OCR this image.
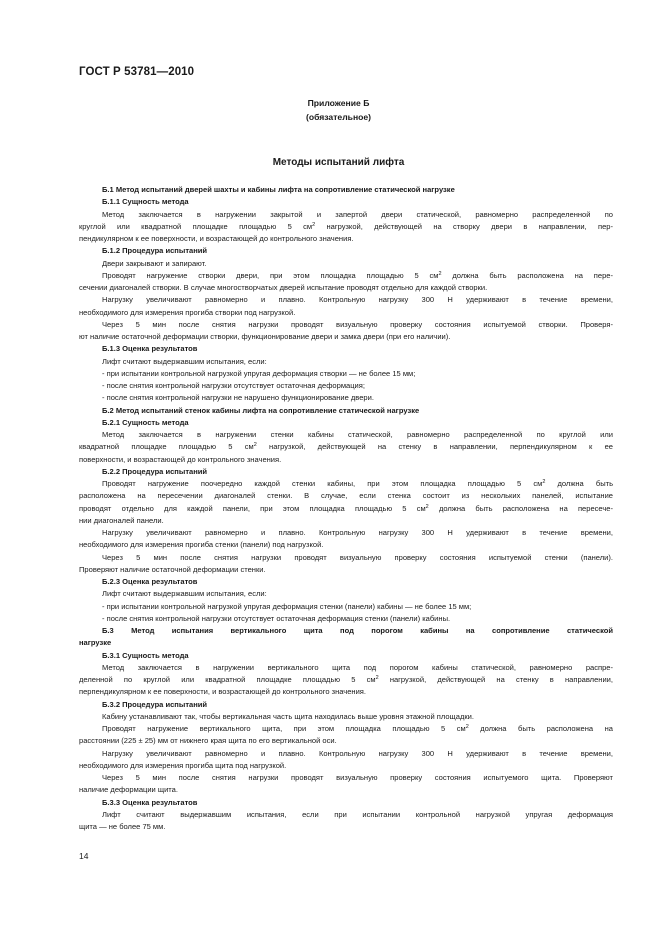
ГОСТ Р 53781—2010
Приложение Б
(обязательное)
Методы испытаний лифта
Б.1 Метод испытаний дверей шахты и кабины лифта на сопротивление статической нагрузке
Б.1.1 Сущность метода
Метод заключается в нагружении закрытой и запертой двери статической, равномерно распределенной по
круглой или квадратной площадке площадью 5 $см^2$ нагрузкой, действующей на створку двери в направлении, пер-
пендикулярном к ее поверхности, и возрастающей до контрольного значения.
Б.1.2 Процедура испытаний
Двери закрывают и запирают.
Проводят нагружение створки двери, при этом площадка площадью 5 $см^2$ должна быть расположена на пере-
сечении диагоналей створки. В случае многостворчатых дверей испытание проводят отдельно для каждой створки.
Нагрузку увеличивают равномерно и плавно. Контрольную нагрузку 300 Н удерживают в течение времени,
необходимого для измерения прогиба створки под нагрузкой.
Через 5 мин после снятия нагрузки проводят визуальную проверку состояния испытуемой створки. Проверя-
ют наличие остаточной деформации створки, функционирование двери и замка двери (при его наличии).
Б.1.3 Оценка результатов
Лифт считают выдержавшим испытания, если:
- при испытании контрольной нагрузкой упругая деформация створки — не более 15 мм;
- после снятия контрольной нагрузки отсутствует остаточная деформация;
- после снятия контрольной нагрузки не нарушено функционирование двери.
Б.2 Метод испытаний стенок кабины лифта на сопротивление статической нагрузке
Б.2.1 Сущность метода
Метод заключается в нагружении стенки кабины статической, равномерно распределенной по круглой или
квадратной площадке площадью 5 $см^2$ нагрузкой, действующей на стенку в направлении, перпендикулярном к ее
поверхности, и возрастающей до контрольного значения.
Б.2.2 Процедура испытаний
Проводят нагружение поочередно каждой стенки кабины, при этом площадка площадью 5 $см^2$ должна быть
расположена на пересечении диагоналей стенки. В случае, если стенка состоит из нескольких панелей, испытание
проводят отдельно для каждой панели, при этом площадка площадью 5 $см^2$ должна быть расположена на пересече-
нии диагоналей панели.
Нагрузку увеличивают равномерно и плавно. Контрольную нагрузку 300 Н удерживают в течение времени,
необходимого для измерения прогиба стенки (панели) под нагрузкой.
Через 5 мин после снятия нагрузки проводят визуальную проверку состояния испытуемой стенки (панели).
Проверяют наличие остаточной деформации стенки.
Б.2.3 Оценка результатов
Лифт считают выдержавшим испытания, если:
- при испытании контрольной нагрузкой упругая деформация стенки (панели) кабины — не более 15 мм;
- после снятия контрольной нагрузки отсутствует остаточная деформация стенки (панели) кабины.
Б.3 Метод испытания вертикального щита под порогом кабины на сопротивление статической
нагрузке
Б.3.1 Сущность метода
Метод заключается в нагружении вертикального щита под порогом кабины статической, равномерно распре-
деленной по круглой или квадратной площадке площадью 5 $см^2$ нагрузкой, действующей на стенку в направлении,
перпендикулярном к ее поверхности, и возрастающей до контрольного значения.
Б.3.2 Процедура испытаний
Кабину устанавливают так, чтобы вертикальная часть щита находилась выше уровня этажной площадки.
Проводят нагружение вертикального щита, при этом площадка площадью 5 $см^2$ должна быть расположена на
расстоянии (225 ± 25) мм от нижнего края щита по его вертикальной оси.
Нагрузку увеличивают равномерно и плавно. Контрольную нагрузку 300 Н удерживают в течение времени,
необходимого для измерения прогиба щита под нагрузкой.
Через 5 мин после снятия нагрузки проводят визуальную проверку состояния испытуемого щита. Проверяют
наличие деформации щита.
Б.3.3 Оценка результатов
Лифт считают выдержавшим испытания, если при испытании контрольной нагрузкой упругая деформация
щита — не более 75 мм.
14
